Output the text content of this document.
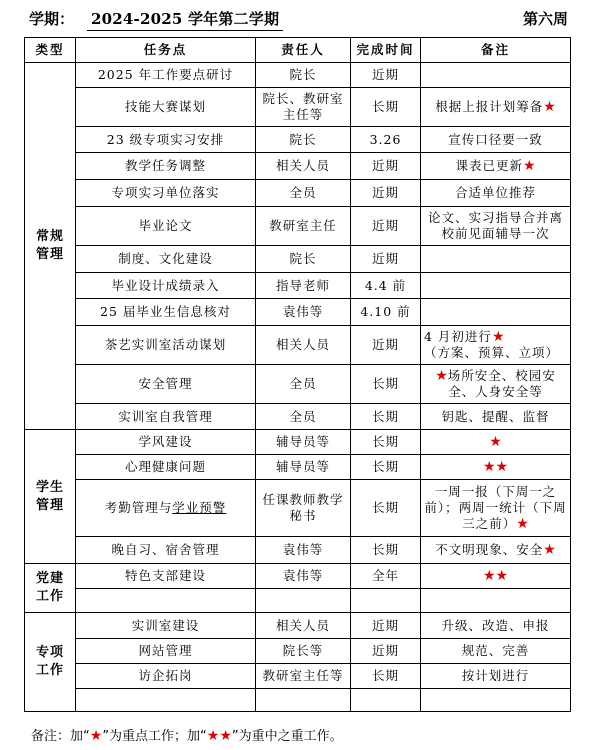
学期： 2024-2025 学年第二学期	第六周
类型	任务点	责任人	完成时间	备注
常规管理	2025 年工作要点研讨	院长	近期	
	技能大赛谋划	院长、教研室主任等	长期	根据上报计划筹备★
	23 级专项实习安排	院长	3.26	宣传口径要一致
	教学任务调整	相关人员	近期	课表已更新★
	专项实习单位落实	全员	近期	合适单位推荐
	毕业论文	教研室主任	近期	论文、实习指导合并离校前见面辅导一次
	制度、文化建设	院长	近期	
	毕业设计成绩录入	指导老师	4.4 前	
	25 届毕业生信息核对	袁伟等	4.10 前	
	茶艺实训室活动谋划	相关人员	近期	4 月初进行★
（方案、预算、立项）
	安全管理	全员	长期	★场所安全、校园安全、人身安全等
	实训室自我管理	全员	长期	钥匙、提醒、监督
学生管理	学风建设	辅导员等	长期	★
	心理健康问题	辅导员等	长期	★★
	考勤管理与学业预警	任课教师教学秘书	长期	一周一报（下周一之前）；两周一统计（下周三之前）★
	晚自习、宿舍管理	袁伟等	长期	不文明现象、安全★
党建工作	特色支部建设	袁伟等	全年	★★

专项工作	实训室建设	相关人员	近期	升级、改造、申报
	网站管理	院长等	近期	规范、完善
	访企拓岗	教研室主任等	长期	按计划进行

备注：加“★”为重点工作；加“★★”为重中之重工作。
